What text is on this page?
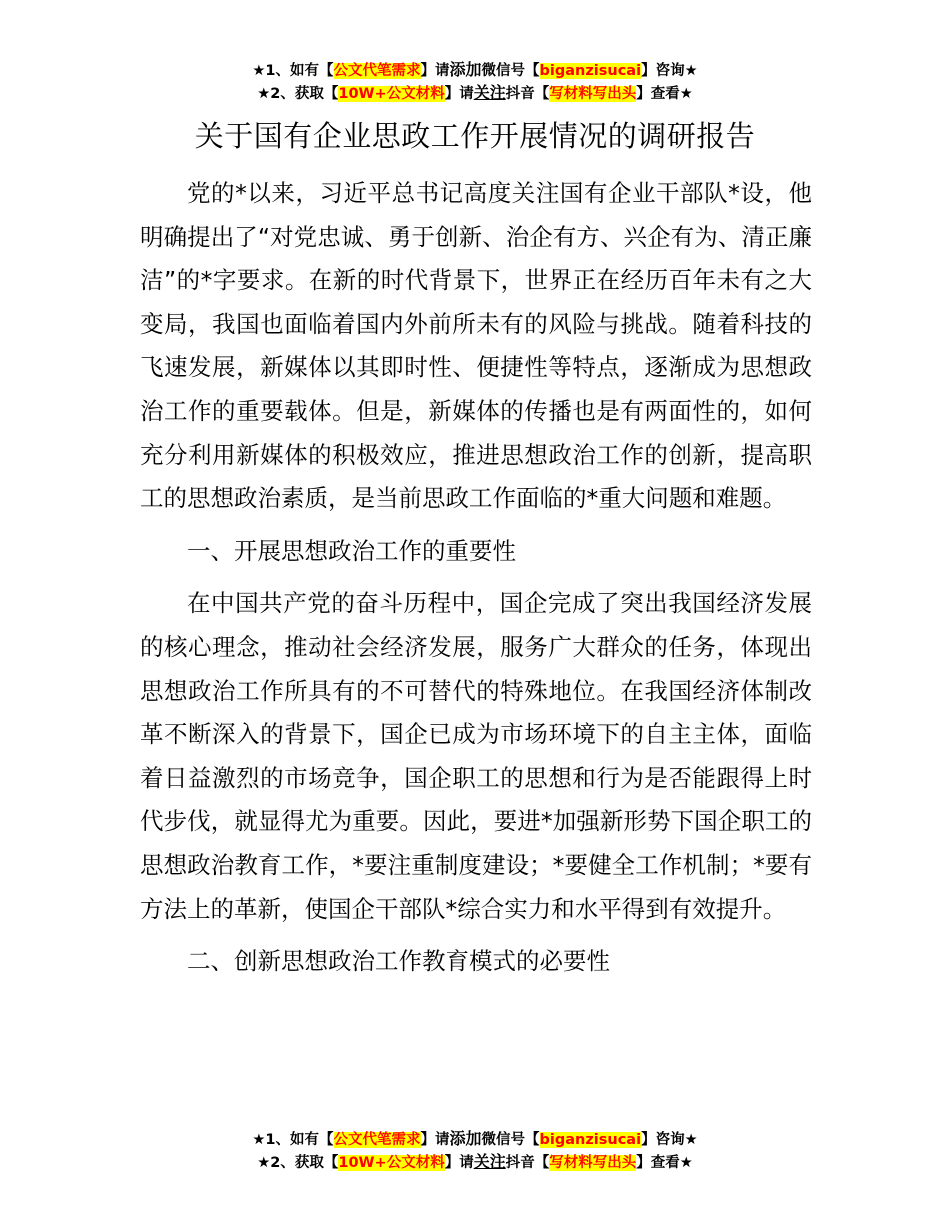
★1、如有【公文代笔需求】请添加微信号【biganzisucai】咨询★
★2、获取【10W+公文材料】请关注抖音【写材料写出头】查看★
关于国有企业思政工作开展情况的调研报告

党的*以来，习近平总书记高度关注国有企业干部队*设，他明确提出了“对党忠诚、勇于创新、治企有方、兴企有为、清正廉洁”的*字要求。在新的时代背景下，世界正在经历百年未有之大变局，我国也面临着国内外前所未有的风险与挑战。随着科技的飞速发展，新媒体以其即时性、便捷性等特点，逐渐成为思想政治工作的重要载体。但是，新媒体的传播也是有两面性的，如何充分利用新媒体的积极效应，推进思想政治工作的创新，提高职工的思想政治素质，是当前思政工作面临的*重大问题和难题。

一、开展思想政治工作的重要性

在中国共产党的奋斗历程中，国企完成了突出我国经济发展的核心理念，推动社会经济发展，服务广大群众的任务，体现出思想政治工作所具有的不可替代的特殊地位。在我国经济体制改革不断深入的背景下，国企已成为市场环境下的自主主体，面临着日益激烈的市场竞争，国企职工的思想和行为是否能跟得上时代步伐，就显得尤为重要。因此，要进*加强新形势下国企职工的思想政治教育工作，*要注重制度建设；*要健全工作机制；*要有方法上的革新，使国企干部队*综合实力和水平得到有效提升。

二、创新思想政治工作教育模式的必要性

★1、如有【公文代笔需求】请添加微信号【biganzisucai】咨询★
★2、获取【10W+公文材料】请关注抖音【写材料写出头】查看★
